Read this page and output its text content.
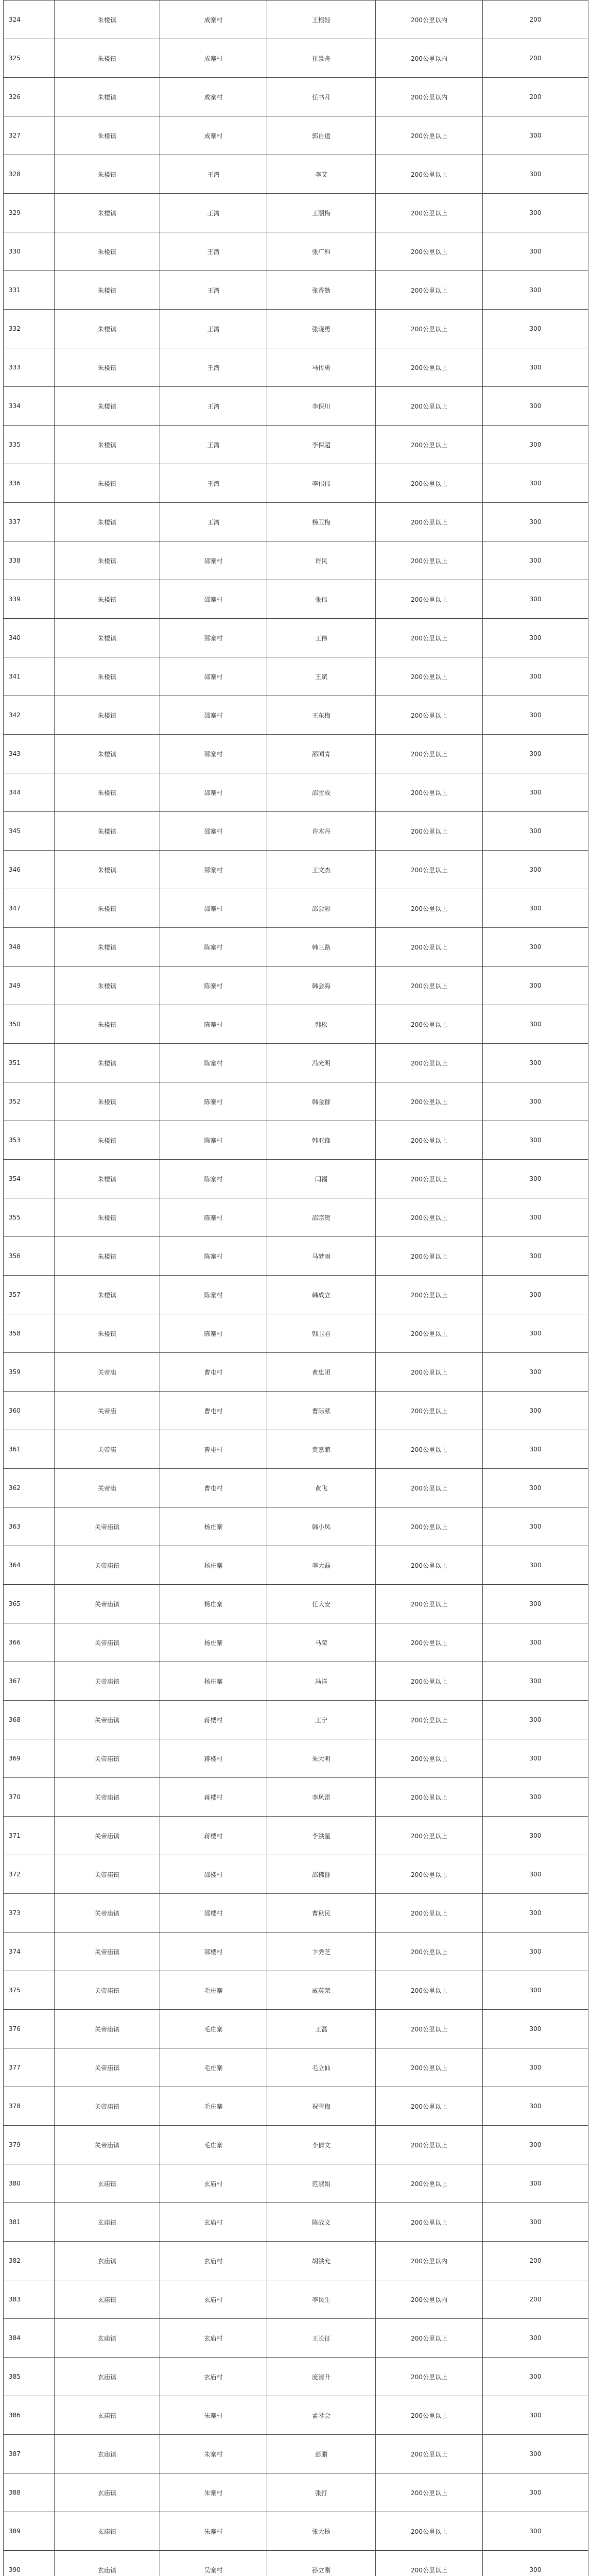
324	朱楼镇	成寨村	王根轻	200公里以内	200
325	朱楼镇	成寨村	崔景舟	200公里以内	200
326	朱楼镇	成寨村	任书月	200公里以内	200
327	朱楼镇	成寨村	郭自道	200公里以上	300
328	朱楼镇	王湾	李艾	200公里以上	300
329	朱楼镇	王湾	王丽梅	200公里以上	300
330	朱楼镇	王湾	张广科	200公里以上	300
331	朱楼镇	王湾	张香勤	200公里以上	300
332	朱楼镇	王湾	张晓勇	200公里以上	300
333	朱楼镇	王湾	马传勇	200公里以上	300
334	朱楼镇	王湾	李保川	200公里以上	300
335	朱楼镇	王湾	李保超	200公里以上	300
336	朱楼镇	王湾	李伟伟	200公里以上	300
337	朱楼镇	王湾	杨卫梅	200公里以上	300
338	朱楼镇	邵寨村	许民	200公里以上	300
339	朱楼镇	邵寨村	张伟	200公里以上	300
340	朱楼镇	邵寨村	王伟	200公里以上	300
341	朱楼镇	邵寨村	王斌	200公里以上	300
342	朱楼镇	邵寨村	王东梅	200公里以上	300
343	朱楼镇	邵寨村	邵闻青	200公里以上	300
344	朱楼镇	邵寨村	邵雪成	200公里以上	300
345	朱楼镇	邵寨村	许木丹	200公里以上	300
346	朱楼镇	邵寨村	王文杰	200公里以上	300
347	朱楼镇	邵寨村	邵会彩	200公里以上	300
348	朱楼镇	陈寨村	韩三路	200公里以上	300
349	朱楼镇	陈寨村	韩会海	200公里以上	300
350	朱楼镇	陈寨村	韩松	200公里以上	300
351	朱楼镇	陈寨村	冯光明	200公里以上	300
352	朱楼镇	陈寨村	韩金群	200公里以上	300
353	朱楼镇	陈寨村	韩亚锋	200公里以上	300
354	朱楼镇	陈寨村	闫福	200公里以上	300
355	朱楼镇	陈寨村	邵宗贺	200公里以上	300
356	朱楼镇	陈寨村	马梦雨	200公里以上	300
357	朱楼镇	陈寨村	韩成立	200公里以上	300
358	朱楼镇	陈寨村	韩卫君	200公里以上	300
359	关帝庙	曹屯村	黄忠团	200公里以上	300
360	关帝庙	曹屯村	曹际献	200公里以上	300
361	关帝庙	曹屯村	黄嘉鹏	200公里以上	300
362	关帝庙	曹屯村	黄飞	200公里以上	300
363	关帝庙镇	杨庄寨	韩小凤	200公里以上	300
364	关帝庙镇	杨庄寨	李大磊	200公里以上	300
365	关帝庙镇	杨庄寨	任大安	200公里以上	300
366	关帝庙镇	杨庄寨	马荣	200公里以上	300
367	关帝庙镇	杨庄寨	冯洋	200公里以上	300
368	关帝庙镇	蒋楼村	王宁	200公里以上	300
369	关帝庙镇	蒋楼村	朱大明	200公里以上	300
370	关帝庙镇	蒋楼村	李风雷	200公里以上	300
371	关帝庙镇	蒋楼村	李洪星	200公里以上	300
372	关帝庙镇	邵楼村	邵佛群	200公里以上	300
373	关帝庙镇	邵楼村	曹秋民	200公里以上	300
374	关帝庙镇	邵楼村	卞秀芝	200公里以上	300
375	关帝庙镇	毛庄寨	戚英荣	200公里以上	300
376	关帝庙镇	毛庄寨	王磊	200公里以上	300
377	关帝庙镇	毛庄寨	毛立仙	200公里以上	300
378	关帝庙镇	毛庄寨	祝雪梅	200公里以上	300
379	关帝庙镇	毛庄寨	李倩文	200公里以上	300
380	玄庙镇	玄庙村	范淑娟	200公里以上	300
381	玄庙镇	玄庙村	陈战义	200公里以上	300
382	玄庙镇	玄庙村	胡洪允	200公里以内	200
383	玄庙镇	玄庙村	李民生	200公里以内	200
384	玄庙镇	玄庙村	王长征	200公里以上	300
385	玄庙镇	玄庙村	庞清升	200公里以上	300
386	玄庙镇	朱寨村	孟琴会	200公里以上	300
387	玄庙镇	朱寨村	彭鹏	200公里以上	300
388	玄庙镇	朱寨村	张打	200公里以上	300
389	玄庙镇	朱寨村	张大杨	200公里以上	300
390	玄庙镇	吴寨村	孙立刚	200公里以上	300
